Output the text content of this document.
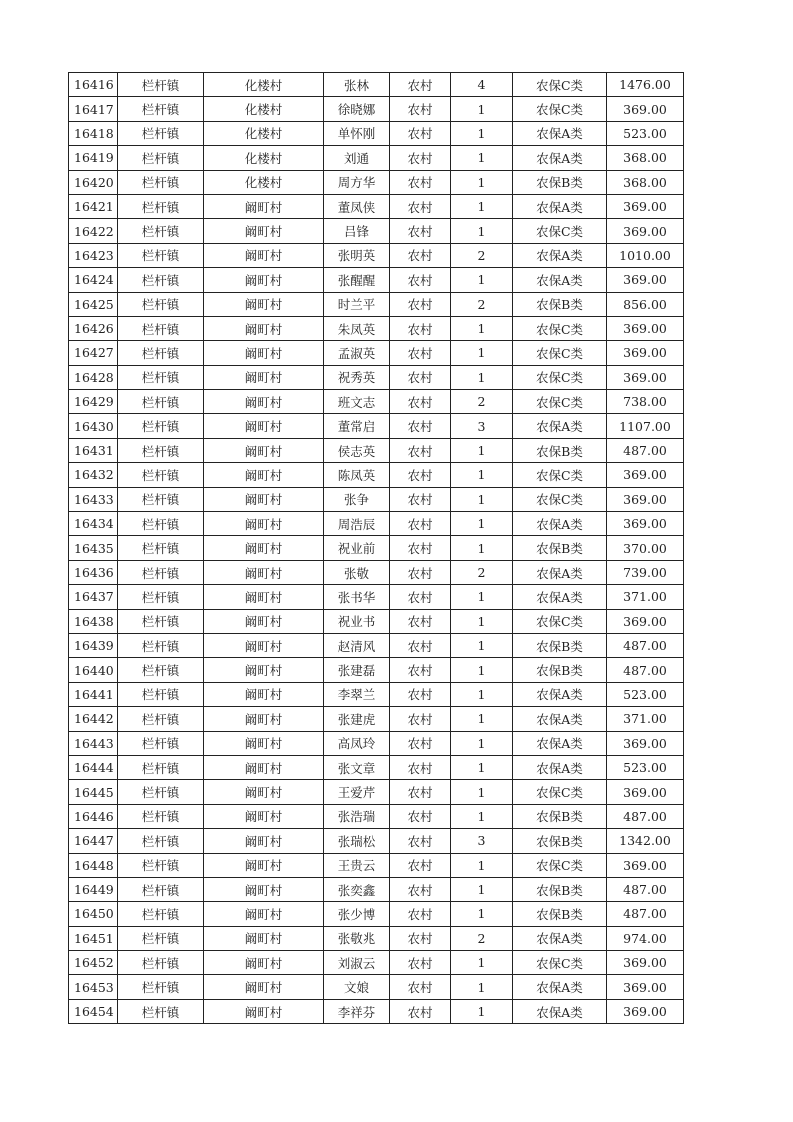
16416	栏杆镇	化楼村	张林	农村	4	农保C类	1476.00
16417	栏杆镇	化楼村	徐晓娜	农村	1	农保C类	369.00
16418	栏杆镇	化楼村	单怀刚	农村	1	农保A类	523.00
16419	栏杆镇	化楼村	刘通	农村	1	农保A类	368.00
16420	栏杆镇	化楼村	周方华	农村	1	农保B类	368.00
16421	栏杆镇	阚町村	董凤侠	农村	1	农保A类	369.00
16422	栏杆镇	阚町村	吕锋	农村	1	农保C类	369.00
16423	栏杆镇	阚町村	张明英	农村	2	农保A类	1010.00
16424	栏杆镇	阚町村	张醒醒	农村	1	农保A类	369.00
16425	栏杆镇	阚町村	时兰平	农村	2	农保B类	856.00
16426	栏杆镇	阚町村	朱凤英	农村	1	农保C类	369.00
16427	栏杆镇	阚町村	孟淑英	农村	1	农保C类	369.00
16428	栏杆镇	阚町村	祝秀英	农村	1	农保C类	369.00
16429	栏杆镇	阚町村	班文志	农村	2	农保C类	738.00
16430	栏杆镇	阚町村	董常启	农村	3	农保A类	1107.00
16431	栏杆镇	阚町村	侯志英	农村	1	农保B类	487.00
16432	栏杆镇	阚町村	陈凤英	农村	1	农保C类	369.00
16433	栏杆镇	阚町村	张争	农村	1	农保C类	369.00
16434	栏杆镇	阚町村	周浩辰	农村	1	农保A类	369.00
16435	栏杆镇	阚町村	祝业前	农村	1	农保B类	370.00
16436	栏杆镇	阚町村	张敬	农村	2	农保A类	739.00
16437	栏杆镇	阚町村	张书华	农村	1	农保A类	371.00
16438	栏杆镇	阚町村	祝业书	农村	1	农保C类	369.00
16439	栏杆镇	阚町村	赵清风	农村	1	农保B类	487.00
16440	栏杆镇	阚町村	张建磊	农村	1	农保B类	487.00
16441	栏杆镇	阚町村	李翠兰	农村	1	农保A类	523.00
16442	栏杆镇	阚町村	张建虎	农村	1	农保A类	371.00
16443	栏杆镇	阚町村	高凤玲	农村	1	农保A类	369.00
16444	栏杆镇	阚町村	张文章	农村	1	农保A类	523.00
16445	栏杆镇	阚町村	王爱芹	农村	1	农保C类	369.00
16446	栏杆镇	阚町村	张浩瑞	农村	1	农保B类	487.00
16447	栏杆镇	阚町村	张瑞松	农村	3	农保B类	1342.00
16448	栏杆镇	阚町村	王贵云	农村	1	农保C类	369.00
16449	栏杆镇	阚町村	张奕鑫	农村	1	农保B类	487.00
16450	栏杆镇	阚町村	张少博	农村	1	农保B类	487.00
16451	栏杆镇	阚町村	张敬兆	农村	2	农保A类	974.00
16452	栏杆镇	阚町村	刘淑云	农村	1	农保C类	369.00
16453	栏杆镇	阚町村	文娘	农村	1	农保A类	369.00
16454	栏杆镇	阚町村	李祥芬	农村	1	农保A类	369.00
